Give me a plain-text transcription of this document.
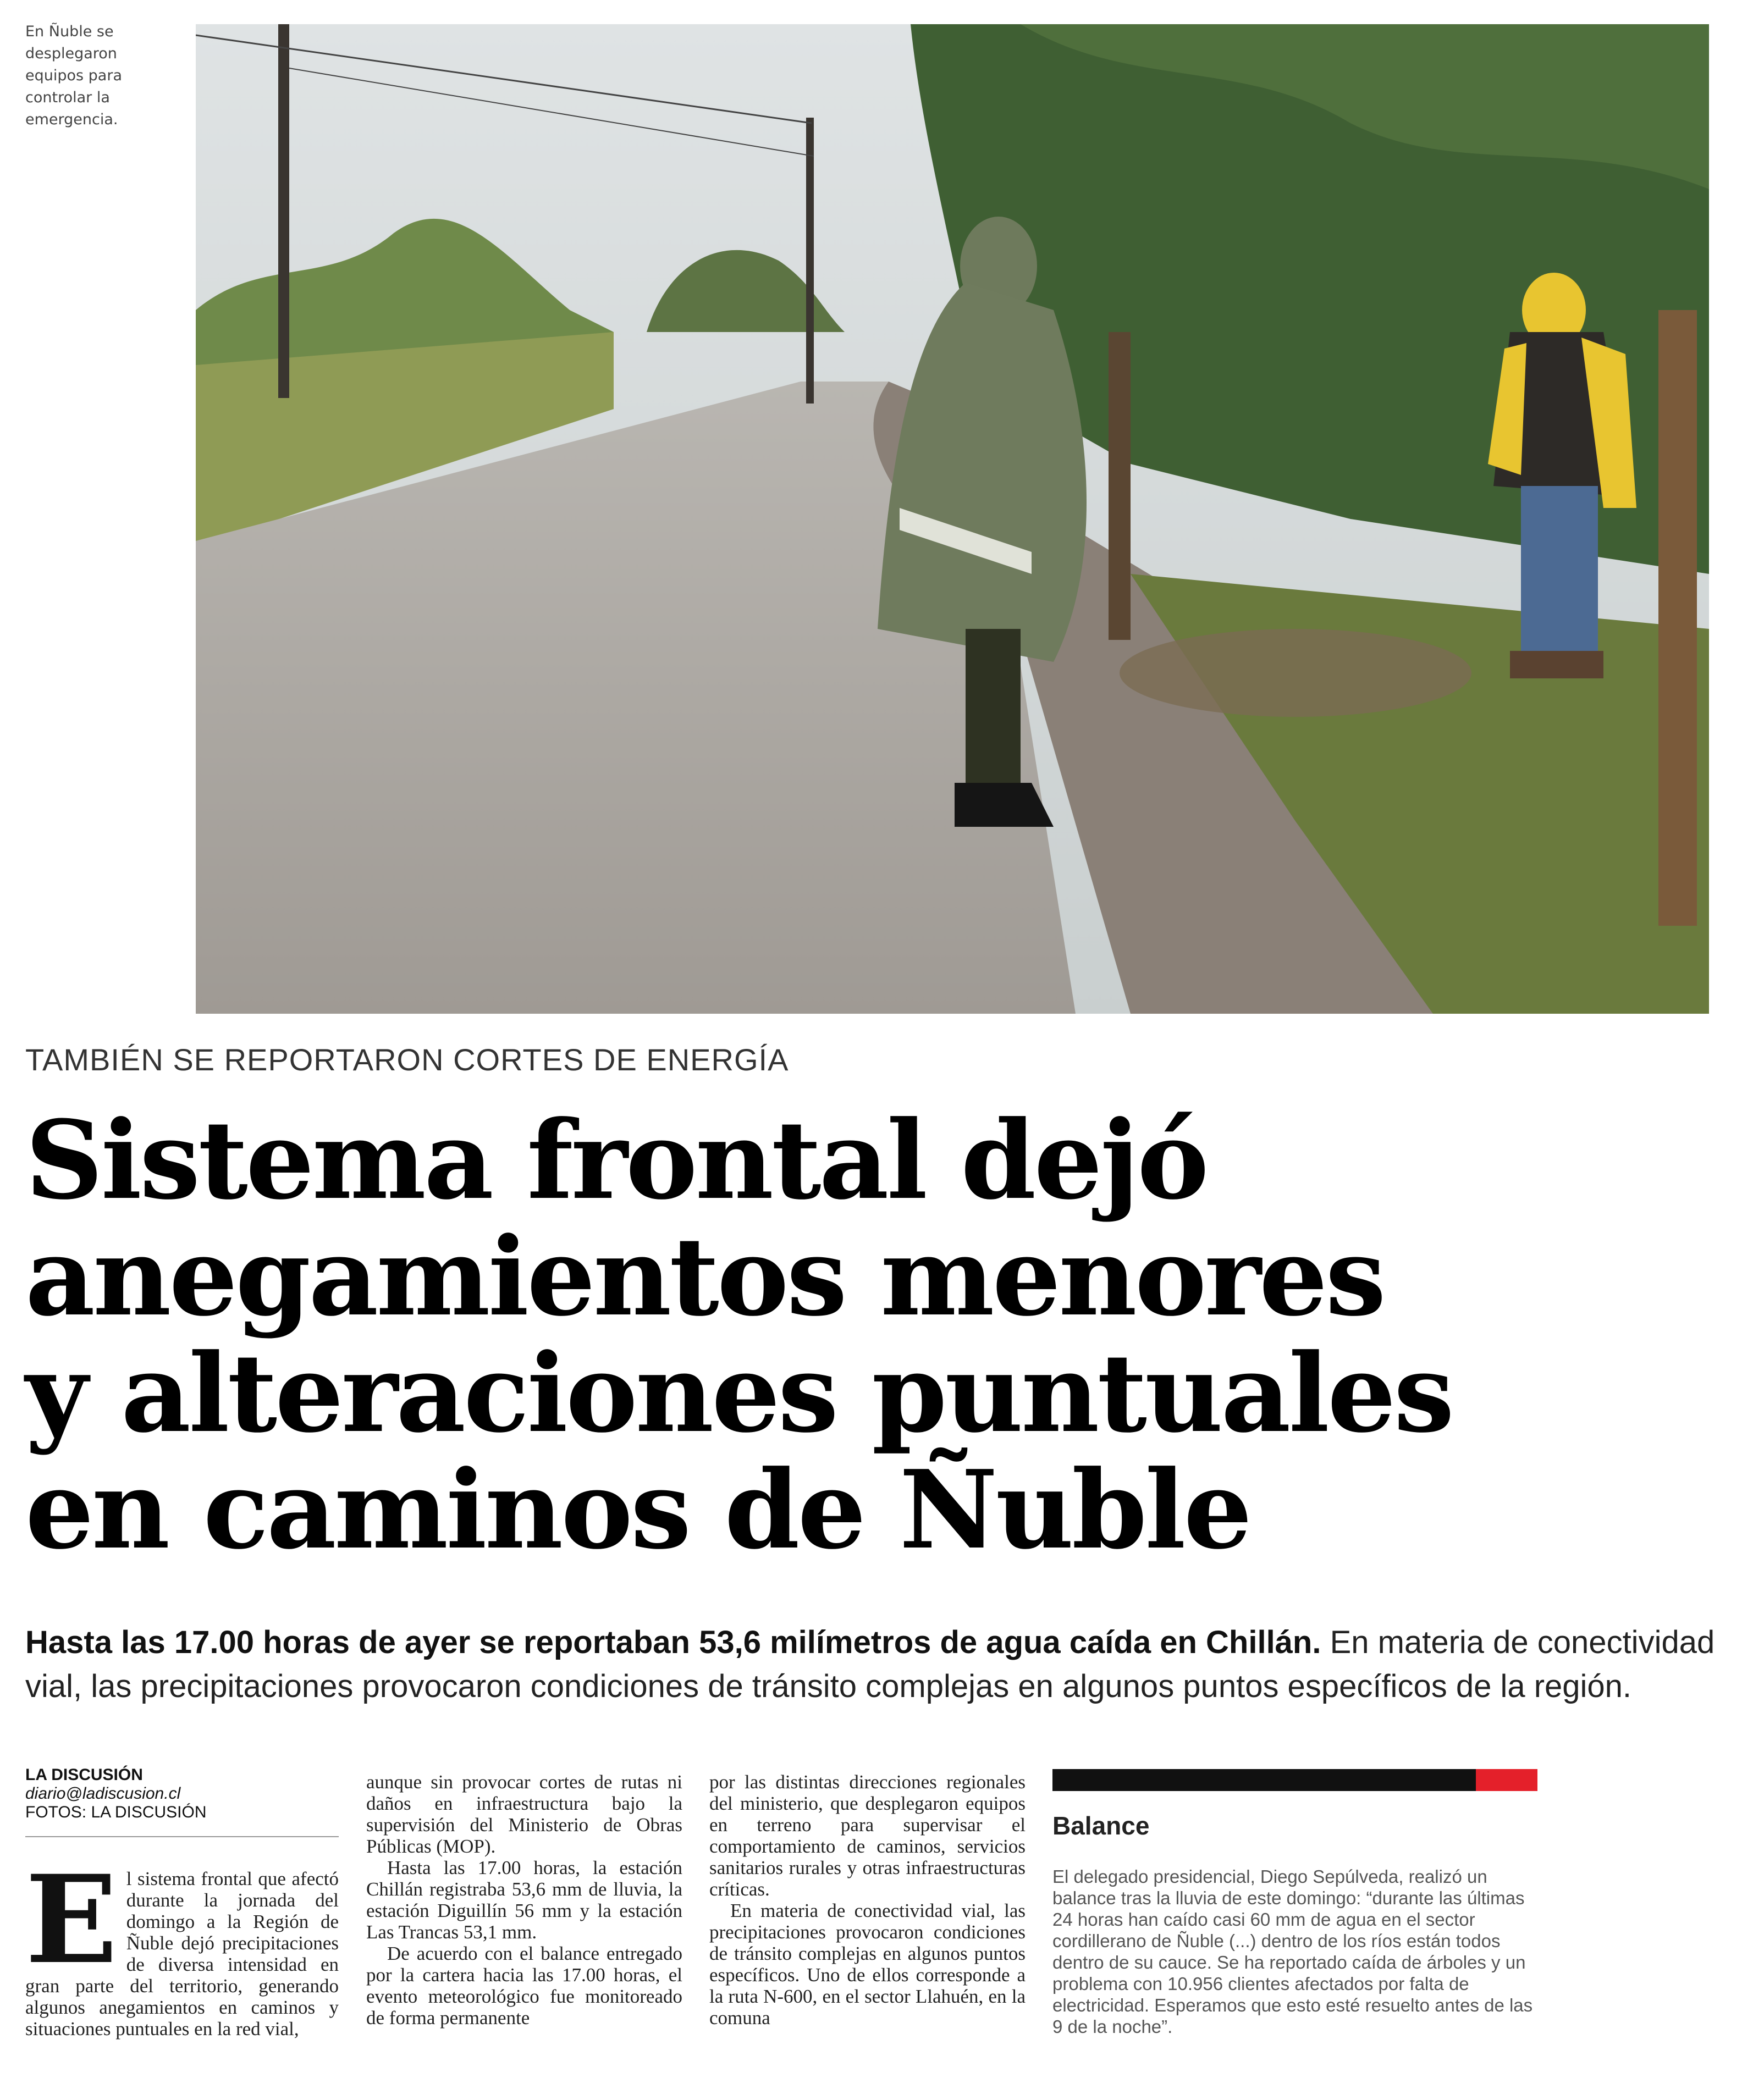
En Ñuble se desplegaron equipos para controlar la emergencia.
TAMBIÉN SE REPORTARON CORTES DE ENERGÍA
Sistema frontal dejó
anegamientos menores
y alteraciones puntuales
en caminos de Ñuble
Hasta las 17.00 horas de ayer se reportaban 53,6 milímetros de agua caída en Chillán. En materia de conectividad vial, las precipitaciones provocaron condiciones de tránsito complejas en algunos puntos específicos de la región.
LA DISCUSIÓN
diario@ladiscusion.cl
FOTOS: LA DISCUSIÓN
E l sistema frontal que afectó durante la jornada del domingo a la Región de Ñuble dejó precipitaciones de diversa intensidad en gran parte del territorio, generando algunos anegamientos en caminos y situaciones puntuales en la red vial,

aunque sin provocar cortes de rutas ni daños en infraestructura bajo la supervisión del Ministerio de Obras Públicas (MOP).

Hasta las 17.00 horas, la estación Chillán registraba 53,6 mm de lluvia, la estación Diguillín 56 mm y la estación Las Trancas 53,1 mm.

De acuerdo con el balance entregado por la cartera hacia las 17.00 horas, el evento meteorológico fue monitoreado de forma permanente

por las distintas direcciones regionales del ministerio, que desplegaron equipos en terreno para supervisar el comportamiento de caminos, servicios sanitarios rurales y otras infraestructuras críticas.

En materia de conectividad vial, las precipitaciones provocaron condiciones de tránsito complejas en algunos puntos específicos. Uno de ellos corresponde a la ruta N-600, en el sector Llahuén, en la comuna

Balance
El delegado presidencial, Diego Sepúlveda, realizó un balance tras la lluvia de este domingo: “durante las últimas 24 horas han caído casi 60 mm de agua en el sector cordillerano de Ñuble (...) dentro de los ríos están todos dentro de su cauce. Se ha reportado caída de árboles y un problema con 10.956 clientes afectados por falta de electricidad. Esperamos que esto esté resuelto antes de las 9 de la noche”.
